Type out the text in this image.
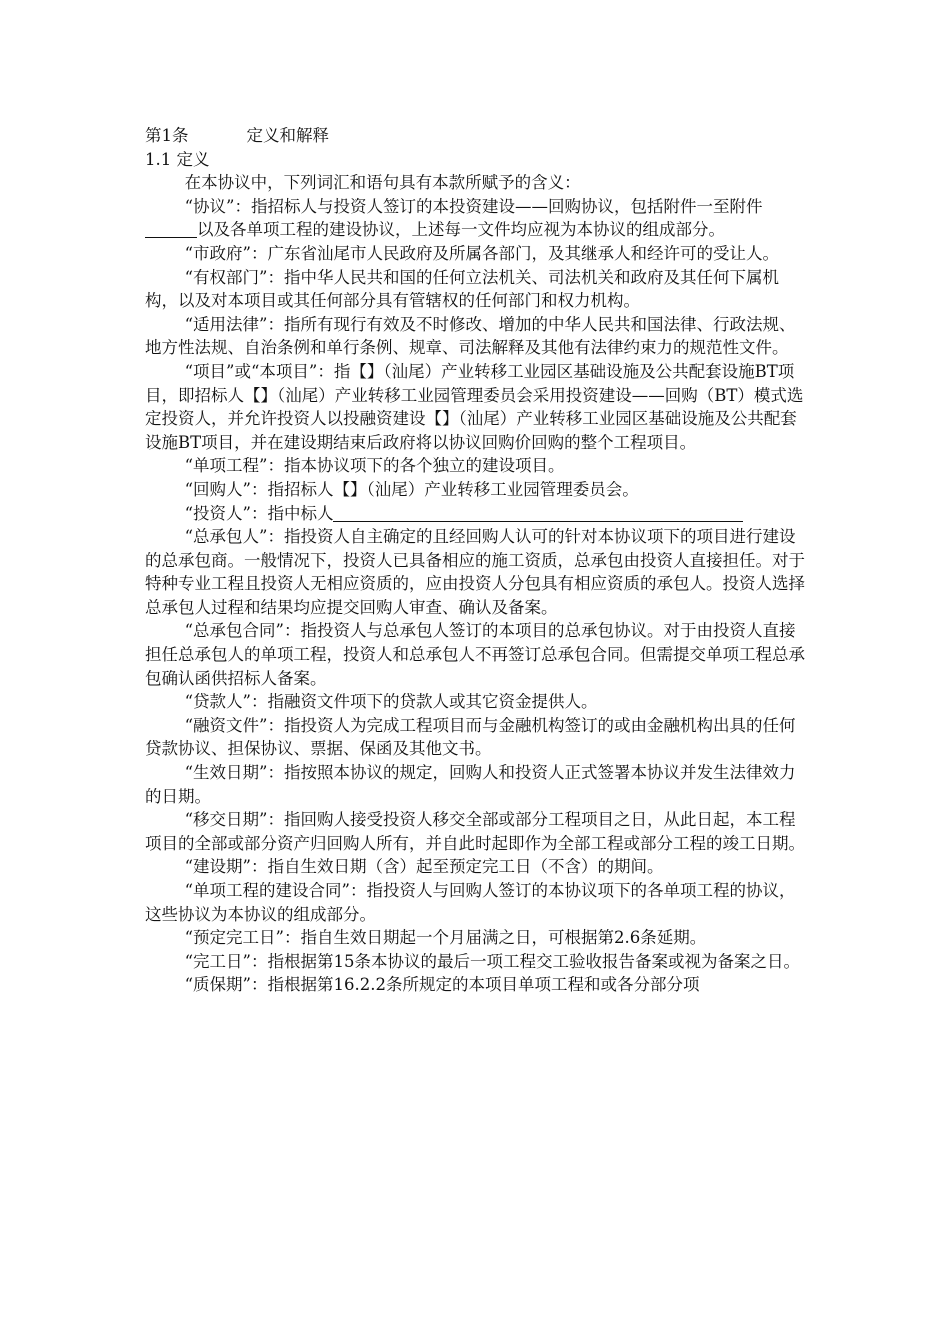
第1条	定义和解释

1.1 定义

在本协议中，下列词汇和语句具有本款所赋予的含义：

“协议”：指招标人与投资人签订的本投资建设——回购协议，包括附件一至附件以及各单项工程的建设协议，上述每一文件均应视为本协议的组成部分。

“市政府”：广东省汕尾市人民政府及所属各部门，及其继承人和经许可的受让人。

“有权部门”：指中华人民共和国的任何立法机关、司法机关和政府及其任何下属机构，以及对本项目或其任何部分具有管辖权的任何部门和权力机构。

“适用法律”：指所有现行有效及不时修改、增加的中华人民共和国法律、行政法规、地方性法规、自治条例和单行条例、规章、司法解释及其他有法律约束力的规范性文件。

“项目”或“本项目”：指【】（汕尾）产业转移工业园区基础设施及公共配套设施BT项目，即招标人【】（汕尾）产业转移工业园管理委员会采用投资建设——回购（BT）模式选定投资人，并允许投资人以投融资建设【】（汕尾）产业转移工业园区基础设施及公共配套设施BT项目，并在建设期结束后政府将以协议回购价回购的整个工程项目。

“单项工程”：指本协议项下的各个独立的建设项目。

“回购人”：指招标人【】（汕尾）产业转移工业园管理委员会。

“投资人”：指中标人

“总承包人”：指投资人自主确定的且经回购人认可的针对本协议项下的项目进行建设的总承包商。一般情况下，投资人已具备相应的施工资质，总承包由投资人直接担任。对于特种专业工程且投资人无相应资质的，应由投资人分包具有相应资质的承包人。投资人选择总承包人过程和结果均应提交回购人审查、确认及备案。

“总承包合同”：指投资人与总承包人签订的本项目的总承包协议。对于由投资人直接担任总承包人的单项工程，投资人和总承包人不再签订总承包合同。但需提交单项工程总承包确认函供招标人备案。

“贷款人”：指融资文件项下的贷款人或其它资金提供人。

“融资文件”：指投资人为完成工程项目而与金融机构签订的或由金融机构出具的任何贷款协议、担保协议、票据、保函及其他文书。

“生效日期”：指按照本协议的规定，回购人和投资人正式签署本协议并发生法律效力的日期。

“移交日期”：指回购人接受投资人移交全部或部分工程项目之日，从此日起，本工程项目的全部或部分资产归回购人所有，并自此时起即作为全部工程或部分工程的竣工日期。

“建设期”：指自生效日期（含）起至预定完工日（不含）的期间。

“单项工程的建设合同”：指投资人与回购人签订的本协议项下的各单项工程的协议，这些协议为本协议的组成部分。

“预定完工日”：指自生效日期起一个月届满之日，可根据第2.6条延期。

“完工日”：指根据第15条本协议的最后一项工程交工验收报告备案或视为备案之日。

“质保期”：指根据第16.2.2条所规定的本项目单项工程和或各分部分项
